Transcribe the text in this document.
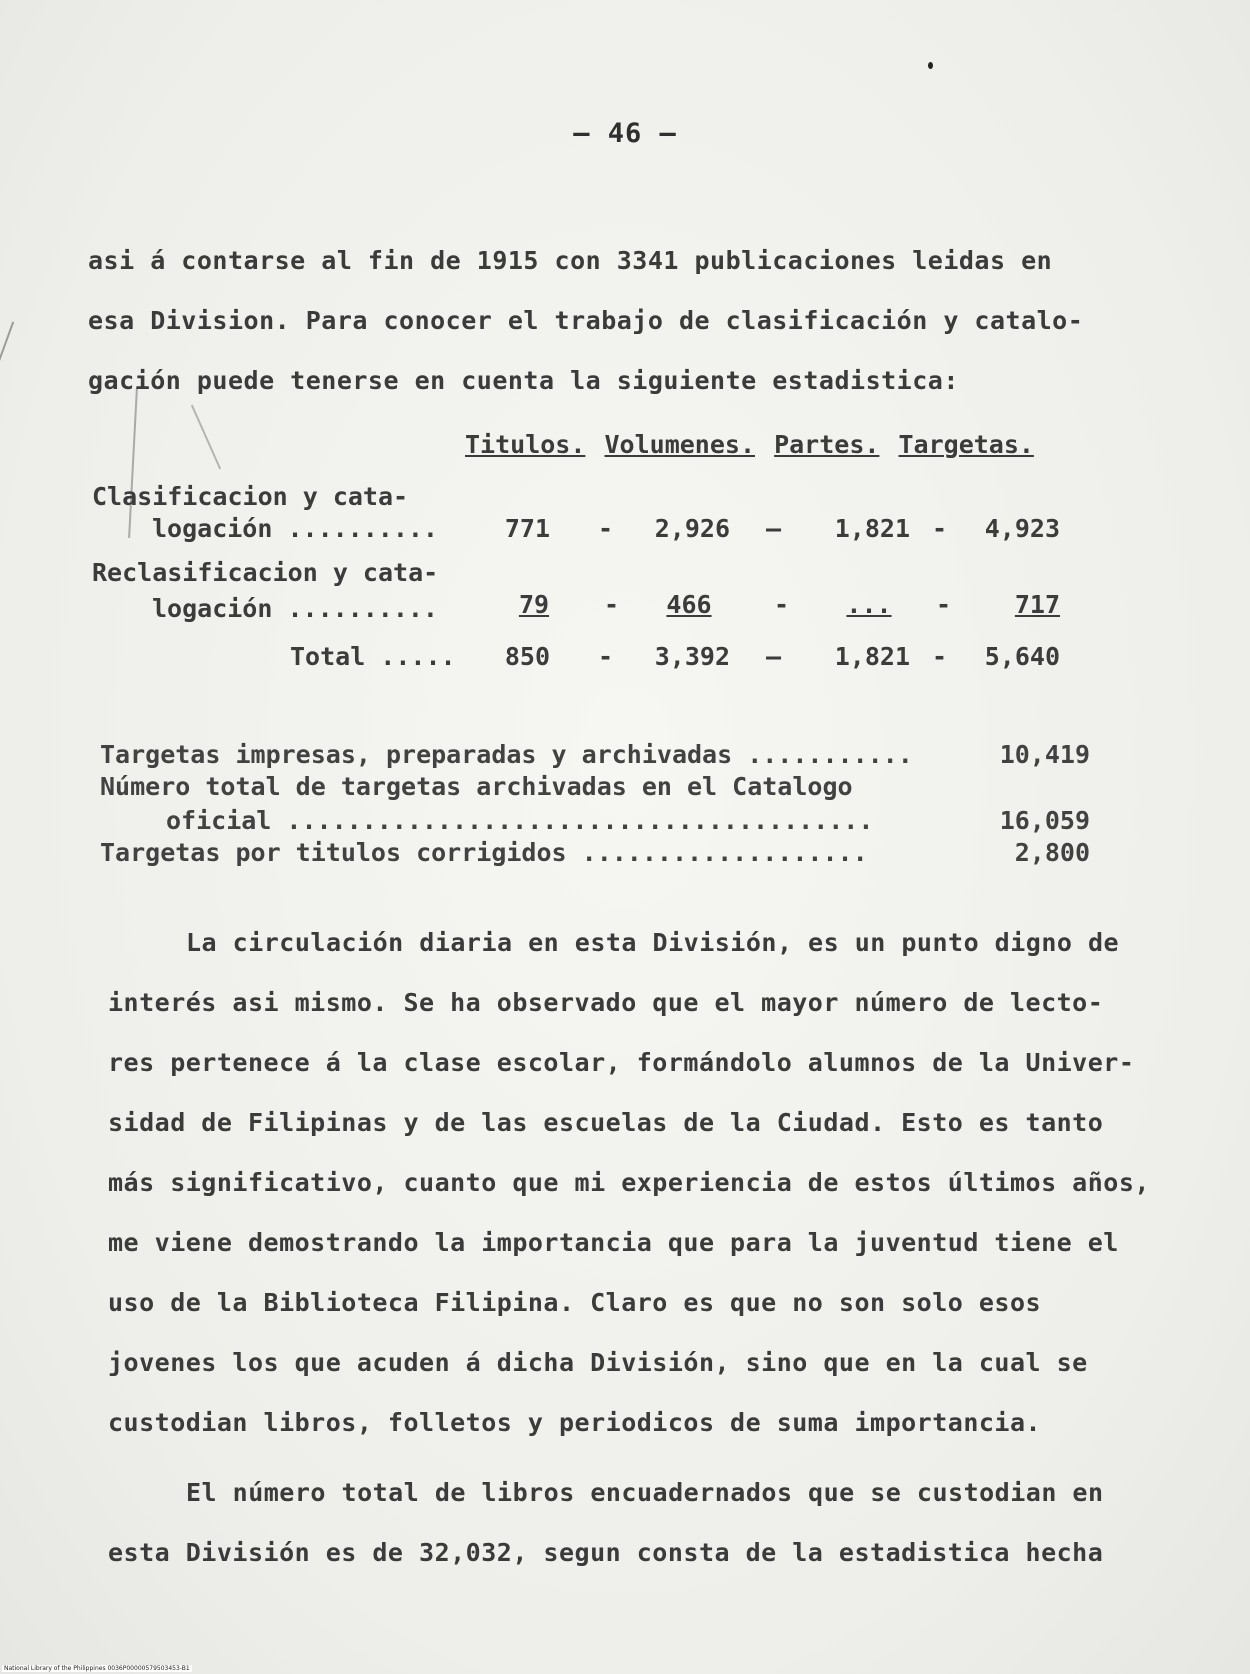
— 46 —
asi á contarse al fin de 1915 con 3341 publicaciones leidas en
esa Division. Para conocer el trabajo de clasificación y catalo-
gación puede tenerse en cuenta la siguiente estadistica:
Titulos. Volumenes. Partes. Targetas.
Clasificacion y cata-
logación ..........	771 -	2,926 —	1,821 -	4,923
Reclasificacion y cata-
logación ..........	79	-	466	-	...	-	717
Total .....	850 -	3,392 —	1,821 -	5,640
Targetas impresas, preparadas y archivadas ...........	10,419
Número total de targetas archivadas en el Catalogo
oficial .......................................	16,059
Targetas por titulos corrigidos ...................	2,800
La circulación diaria en esta División, es un punto digno de
interés asi mismo. Se ha observado que el mayor número de lecto-
res pertenece á la clase escolar, formándolo alumnos de la Univer-
sidad de Filipinas y de las escuelas de la Ciudad. Esto es tanto
más significativo, cuanto que mi experiencia de estos últimos años,
me viene demostrando la importancia que para la juventud tiene el
uso de la Biblioteca Filipina. Claro es que no son solo esos
jovenes los que acuden á dicha División, sino que en la cual se
custodian libros, folletos y periodicos de suma importancia.
El número total de libros encuadernados que se custodian en
esta División es de 32,032, segun consta de la estadistica hecha
National Library of the Philippines 0036P00000579503453-B1
